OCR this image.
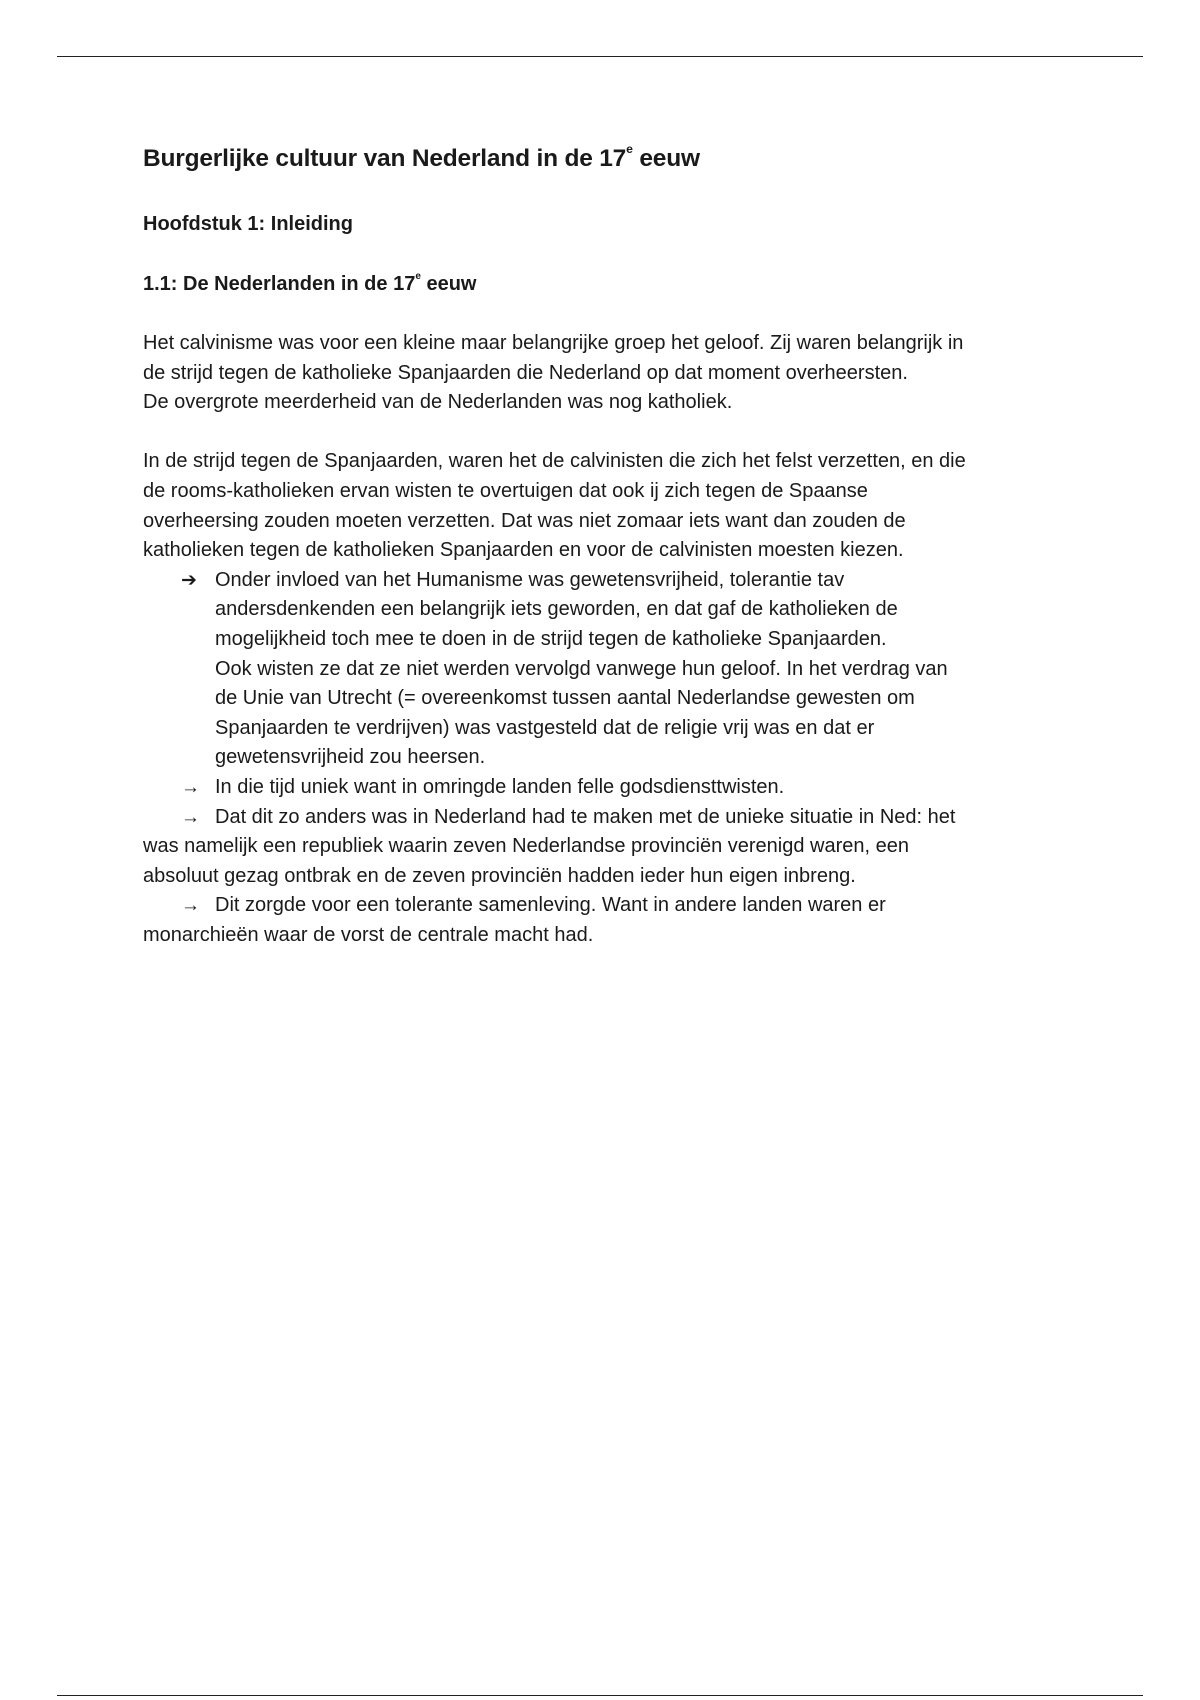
Burgerlijke cultuur van Nederland in de 17e eeuw
Hoofdstuk 1: Inleiding
1.1: De Nederlanden in de 17e eeuw

Het calvinisme was voor een kleine maar belangrijke groep het geloof. Zij waren belangrijk in
de strijd tegen de katholieke Spanjaarden die Nederland op dat moment overheersten.
De overgrote meerderheid van de Nederlanden was nog katholiek.

In de strijd tegen de Spanjaarden, waren het de calvinisten die zich het felst verzetten, en die
de rooms-katholieken ervan wisten te overtuigen dat ook ij zich tegen de Spaanse
overheersing zouden moeten verzetten. Dat was niet zomaar iets want dan zouden de
katholieken tegen de katholieken Spanjaarden en voor de calvinisten moesten kiezen.

➔ Onder invloed van het Humanisme was gewetensvrijheid, tolerantie tav
andersdenkenden een belangrijk iets geworden, en dat gaf de katholieken de
mogelijkheid toch mee te doen in de strijd tegen de katholieke Spanjaarden.
Ook wisten ze dat ze niet werden vervolgd vanwege hun geloof. In het verdrag van
de Unie van Utrecht (= overeenkomst tussen aantal Nederlandse gewesten om
Spanjaarden te verdrijven) was vastgesteld dat de religie vrij was en dat er
gewetensvrijheid zou heersen.
→ In die tijd uniek want in omringde landen felle godsdiensttwisten.
→ Dat dit zo anders was in Nederland had te maken met de unieke situatie in Ned: het
was namelijk een republiek waarin zeven Nederlandse provinciën verenigd waren, een
absoluut gezag ontbrak en de zeven provinciën hadden ieder hun eigen inbreng.
→ Dit zorgde voor een tolerante samenleving. Want in andere landen waren er
monarchieën waar de vorst de centrale macht had.
